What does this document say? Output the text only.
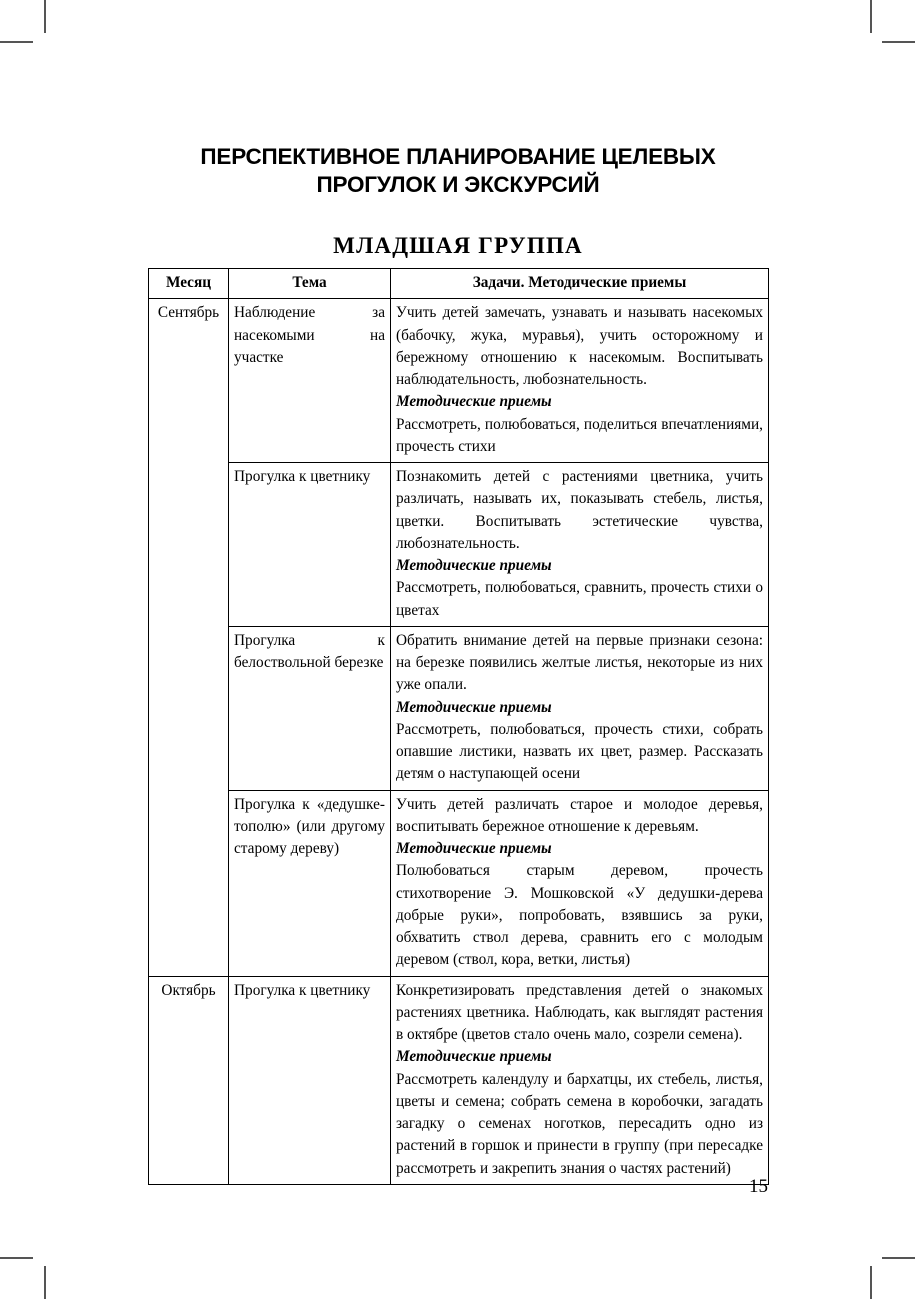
ПЕРСПЕКТИВНОЕ ПЛАНИРОВАНИЕ ЦЕЛЕВЫХ ПРОГУЛОК И ЭКСКУРСИЙ
МЛАДШАЯ ГРУППА
Месяц	Тема	Задачи. Методические приемы
Сентябрь	Наблюдение за насекомыми на участке	Учить детей замечать, узнавать и называть насекомых (бабочку, жука, муравья), учить осторожному и бережному отношению к насекомым. Воспитывать наблюдательность, любознательность.
Методические приемы
Рассмотреть, полюбоваться, поделиться впечатлениями, прочесть стихи

	Прогулка к цветнику	Познакомить детей с растениями цветника, учить различать, называть их, показывать стебель, листья, цветки. Воспитывать эстетические чувства, любознательность.
Методические приемы
Рассмотреть, полюбоваться, сравнить, прочесть стихи о цветах

	Прогулка к белоствольной березке	Обратить внимание детей на первые признаки сезона: на березке появились желтые листья, некоторые из них уже опали.
Методические приемы
Рассмотреть, полюбоваться, прочесть стихи, собрать опавшие листики, назвать их цвет, размер. Рассказать детям о наступающей осени

	Прогулка к «дедушке-тополю» (или другому старому дереву)	Учить детей различать старое и молодое деревья, воспитывать бережное отношение к деревьям.
Методические приемы
Полюбоваться старым деревом, прочесть стихотворение Э. Мошковской «У дедушки-дерева добрые руки», попробовать, взявшись за руки, обхватить ствол дерева, сравнить его с молодым деревом (ствол, кора, ветки, листья)

Октябрь	Прогулка к цветнику	Конкретизировать представления детей о знакомых растениях цветника. Наблюдать, как выглядят растения в октябре (цветов стало очень мало, созрели семена).
Методические приемы
Рассмотреть календулу и бархатцы, их стебель, листья, цветы и семена; собрать семена в коробочки, загадать загадку о семенах ноготков, пересадить одно из растений в горшок и принести в группу (при пересадке рассмотреть и закрепить знания о частях растений)
15
